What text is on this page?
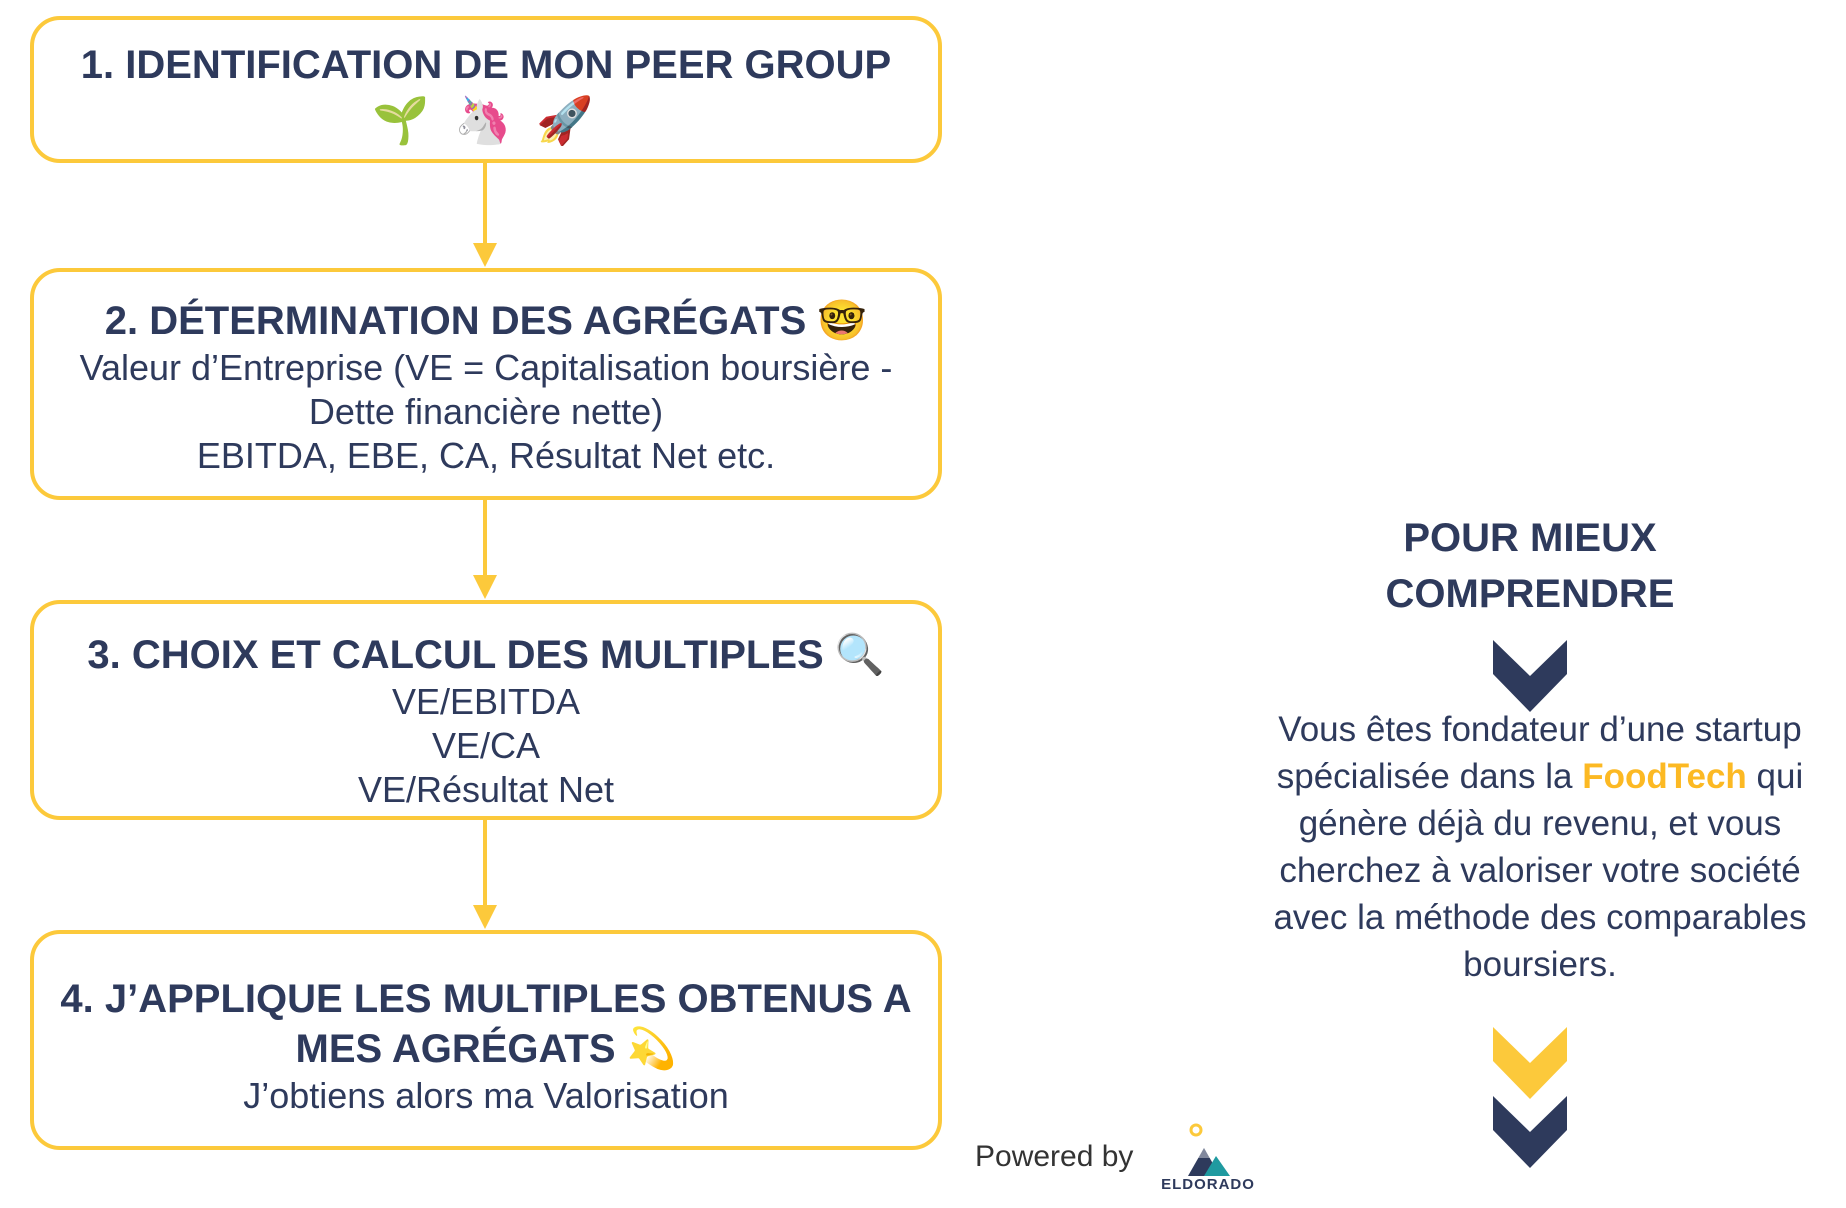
1. IDENTIFICATION DE MON PEER GROUP
🌱 🦄 🚀
2. DÉTERMINATION DES AGRÉGATS 🤓
Valeur d’Entreprise (VE = Capitalisation boursière -
Dette financière nette)
EBITDA, EBE, CA, Résultat Net etc.
3. CHOIX ET CALCUL DES MULTIPLES 🔍
VE/EBITDA
VE/CA
VE/Résultat Net
4. J’APPLIQUE LES MULTIPLES OBTENUS A
MES AGRÉGATS 💫
J’obtiens alors ma Valorisation
POUR MIEUX
COMPRENDRE
Vous êtes fondateur d’une startup spécialisée dans la FoodTech qui génère déjà du revenu, et vous cherchez à valoriser votre société avec la méthode des comparables boursiers.
Powered by
ELDORADO
